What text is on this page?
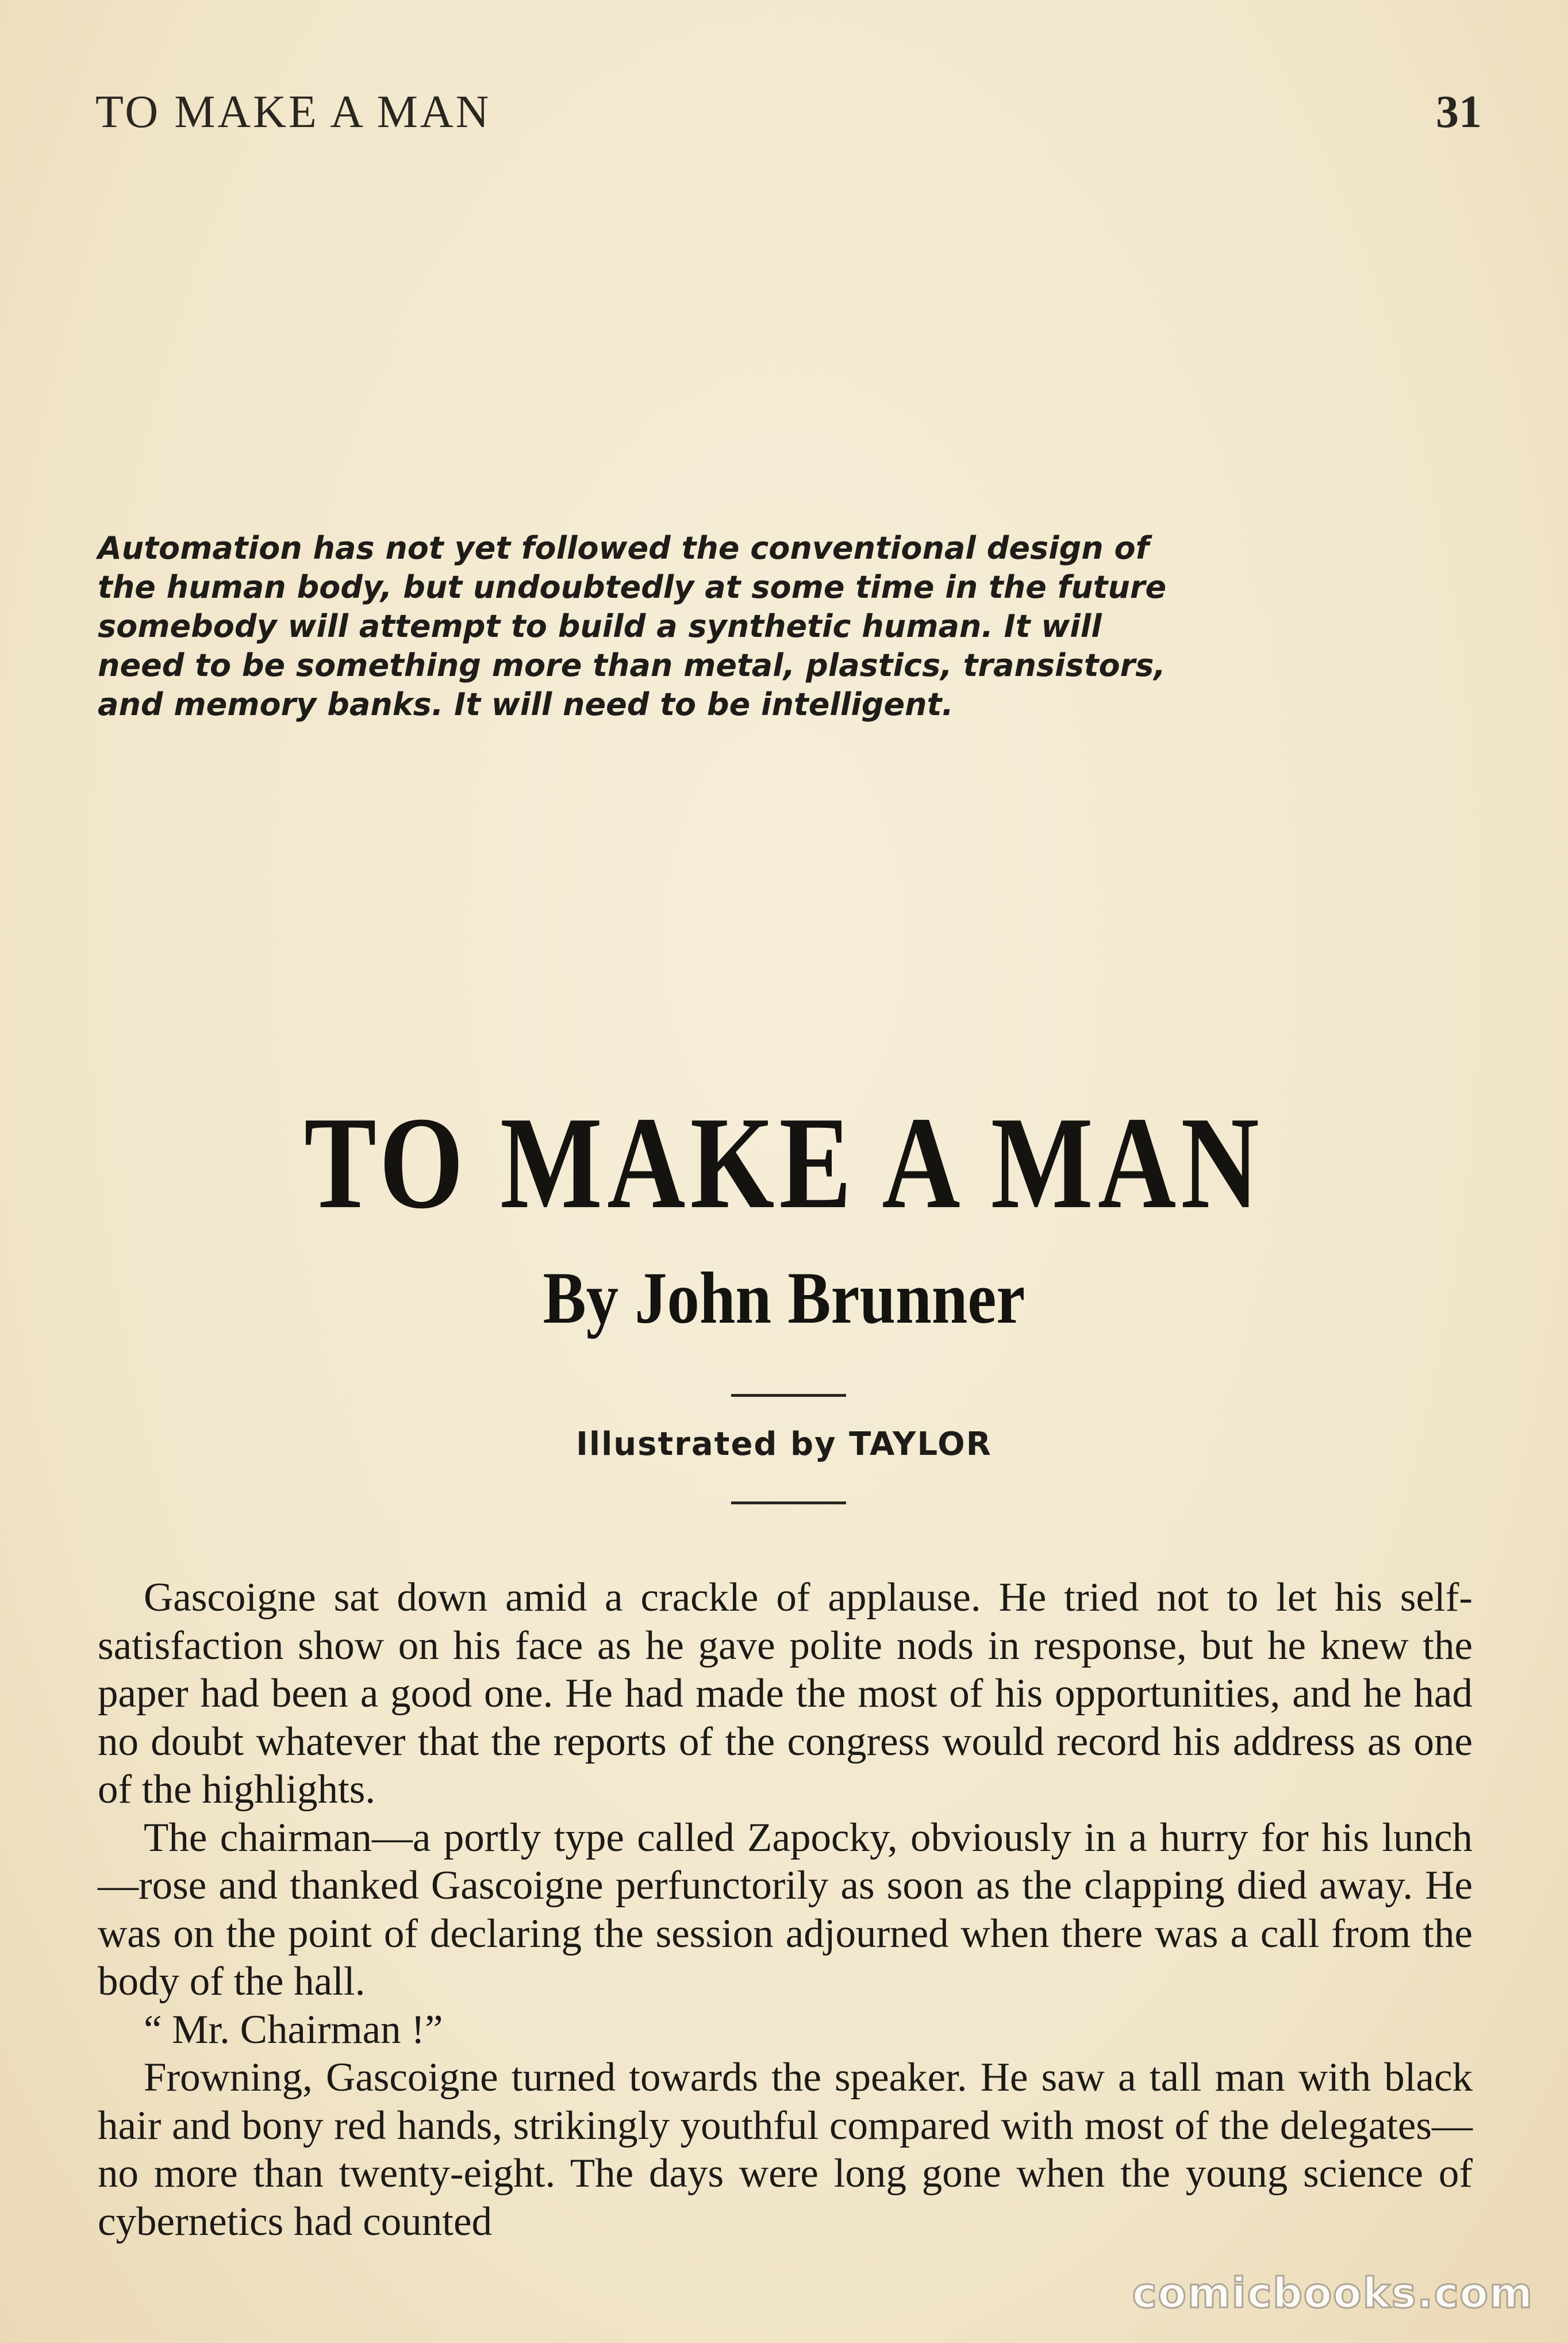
TO MAKE A MAN	31
Automation has not yet followed the conventional design of the human body, but undoubtedly at some time in the future somebody will attempt to build a synthetic human. It will need to be something more than metal, plastics, transistors, and memory banks. It will need to be intelligent.
TO MAKE A MAN
By John Brunner
Illustrated by TAYLOR

Gascoigne sat down amid a crackle of applause. He tried not to let his self-satisfaction show on his face as he gave polite nods in response, but he knew the paper had been a good one. He had made the most of his opportunities, and he had no doubt whatever that the reports of the congress would record his address as one of the highlights.

The chairman—a portly type called Zapocky, obviously in a hurry for his lunch—rose and thanked Gascoigne perfunctorily as soon as the clapping died away. He was on the point of declaring the session adjourned when there was a call from the body of the hall.

“ Mr. Chairman !”

Frowning, Gascoigne turned towards the speaker. He saw a tall man with black hair and bony red hands, strikingly youthful compared with most of the delegates—no more than twenty-eight. The days were long gone when the young science of cybernetics had counted

comicbooks.com
